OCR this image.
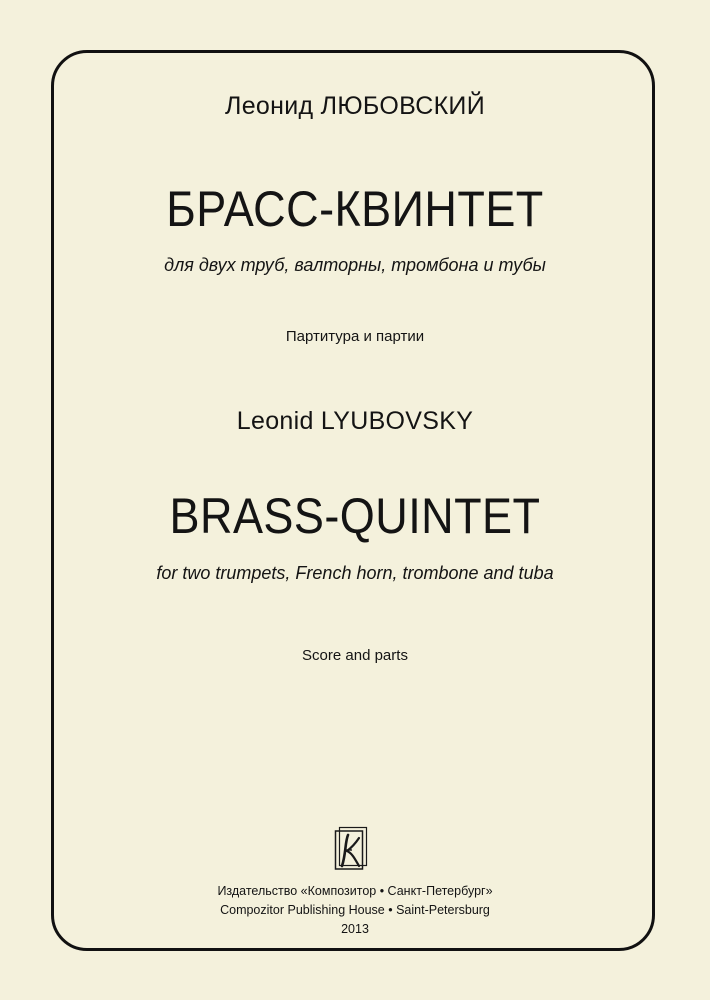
Леонид ЛЮБОВСКИЙ

БРАСС-КВИНТЕТ

для двух труб, валторны, тромбона и тубы

Партитура и партии

Leonid LYUBOVSKY

BRASS-QUINTET

for two trumpets, French horn, trombone and tuba

Score and parts

Издательство «Композитор • Санкт-Петербург»

Compozitor Publishing House • Saint-Petersburg

2013
